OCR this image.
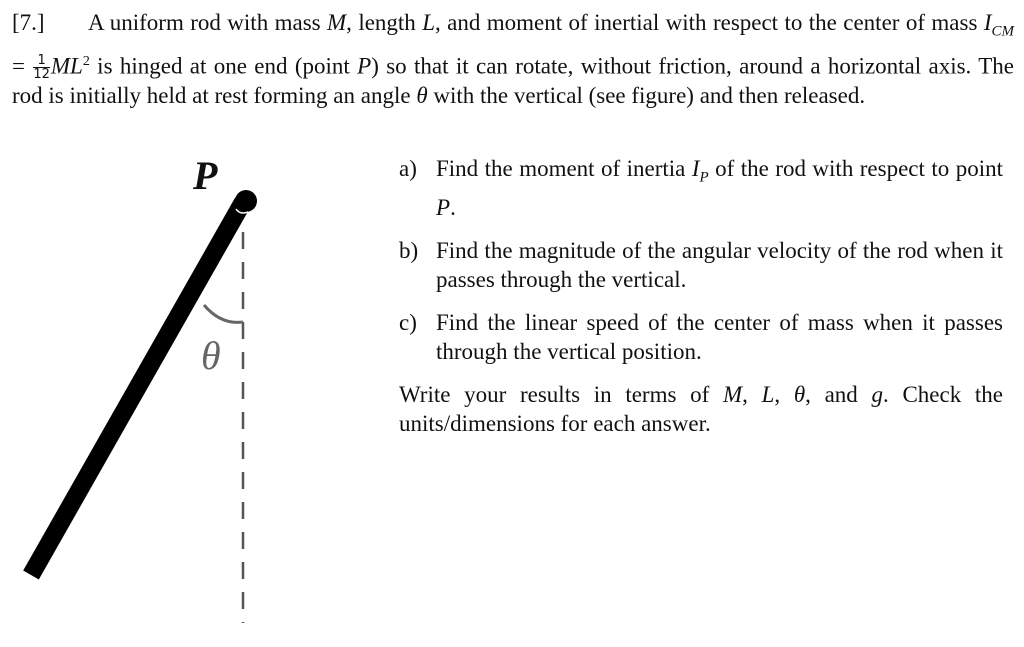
[7.] A uniform rod with mass M, length L, and moment of inertial with respect to the center of mass $I_{CM} = \frac{1}{12} ML^2$ is hinged at one end (point P) so that it can rotate, without friction, around a horizontal axis. The rod is initially held at rest forming an angle θ with the vertical (see figure) and then released.
P
θ
a) Find the moment of inertia $I_P$ of the rod with respect to point P.
b) Find the magnitude of the angular velocity of the rod when it passes through the vertical.
c) Find the linear speed of the center of mass when it passes through the vertical position.
Write your results in terms of M, L, θ, and g. Check the units/dimensions for each answer.
